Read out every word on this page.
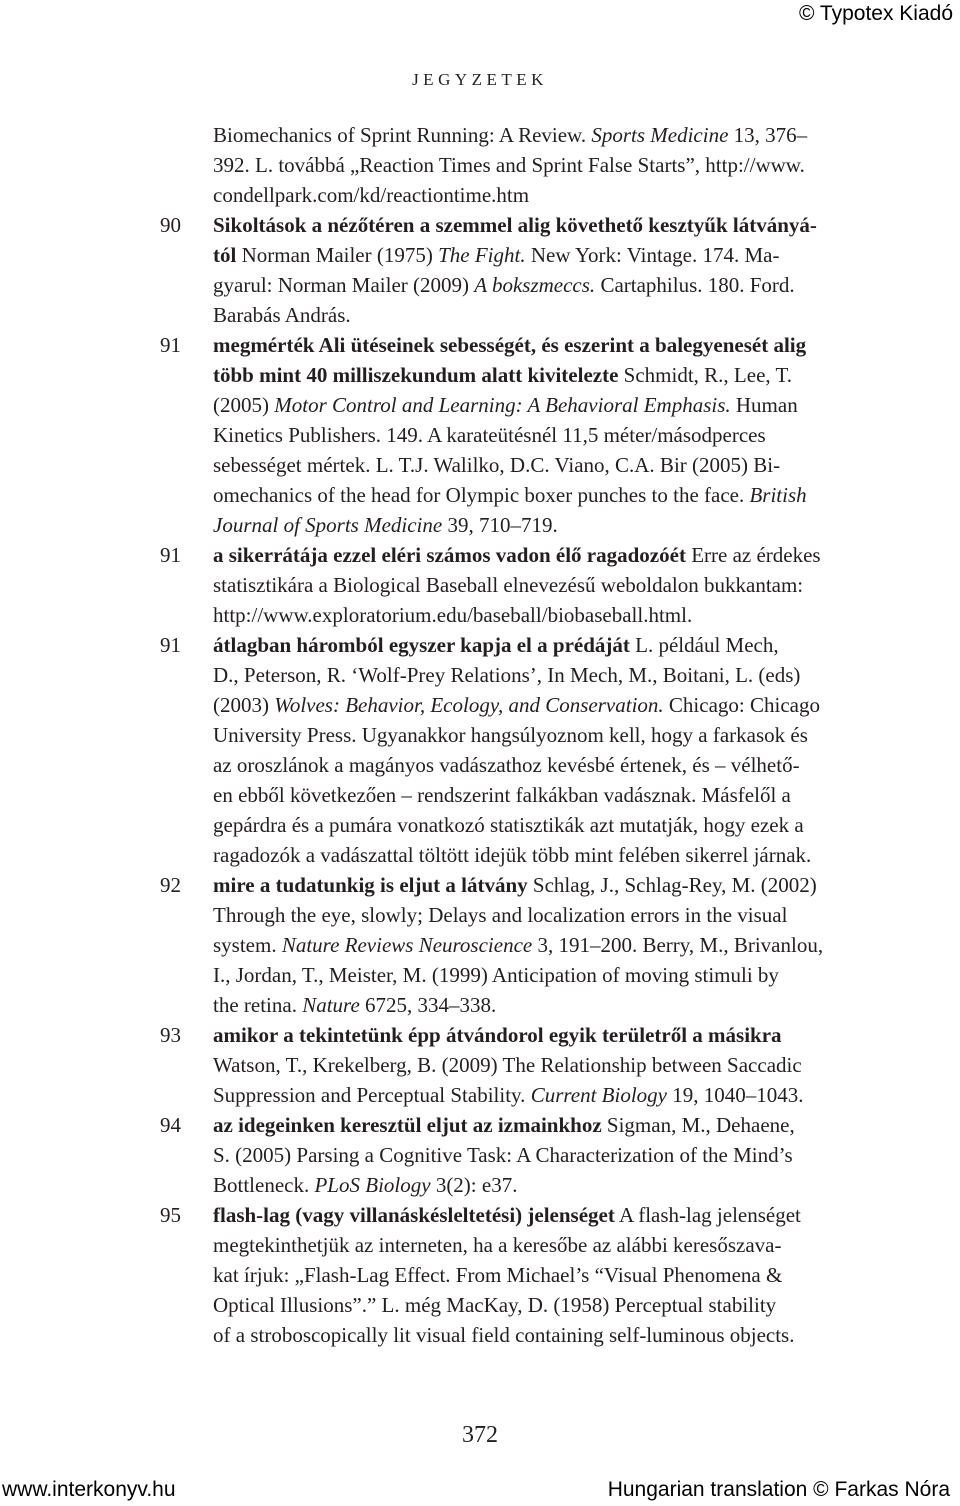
© Typotex Kiadó
JEGYZETEK
Biomechanics of Sprint Running: A Review. Sports Medicine 13, 376–
392. L. továbbá „Reaction Times and Sprint False Starts”, http://www.
condellpark.com/kd/reactiontime.htm
90 Sikoltások a nézőtéren a szemmel alig követhető kesztyűk látványá-
tól Norman Mailer (1975) The Fight. New York: Vintage. 174. Ma-
gyarul: Norman Mailer (2009) A bokszmeccs. Cartaphilus. 180. Ford.
Barabás András.
91 megmérték Ali ütéseinek sebességét, és eszerint a balegyenesét alig
több mint 40 milliszekundum alatt kivitelezte Schmidt, R., Lee, T.
(2005) Motor Control and Learning: A Behavioral Emphasis. Human
Kinetics Publishers. 149. A karateütésnél 11,5 méter/másodperces
sebességet mértek. L. T.J. Walilko, D.C. Viano, C.A. Bir (2005) Bi-
omechanics of the head for Olympic boxer punches to the face. British
Journal of Sports Medicine 39, 710–719.
91 a sikerrátája ezzel eléri számos vadon élő ragadozóét Erre az érdekes
statisztikára a Biological Baseball elnevezésű weboldalon bukkantam:
http://www.exploratorium.edu/baseball/biobaseball.html.
91 átlagban háromból egyszer kapja el a prédáját L. például Mech,
D., Peterson, R. ‘Wolf-Prey Relations’, In Mech, M., Boitani, L. (eds)
(2003) Wolves: Behavior, Ecology, and Conservation. Chicago: Chicago
University Press. Ugyanakkor hangsúlyoznom kell, hogy a farkasok és
az oroszlánok a magányos vadászathoz kevésbé értenek, és – vélhető-
en ebből következően – rendszerint falkákban vadásznak. Másfelől a
gepárdra és a pumára vonatkozó statisztikák azt mutatják, hogy ezek a
ragadozók a vadászattal töltött idejük több mint felében sikerrel járnak.
92 mire a tudatunkig is eljut a látvány Schlag, J., Schlag-Rey, M. (2002)
Through the eye, slowly; Delays and localization errors in the visual
system. Nature Reviews Neuroscience 3, 191–200. Berry, M., Brivanlou,
I., Jordan, T., Meister, M. (1999) Anticipation of moving stimuli by
the retina. Nature 6725, 334–338.
93 amikor a tekintetünk épp átvándorol egyik területről a másikra
Watson, T., Krekelberg, B. (2009) The Relationship between Saccadic
Suppression and Perceptual Stability. Current Biology 19, 1040–1043.
94 az idegeinken keresztül eljut az izmainkhoz Sigman, M., Dehaene,
S. (2005) Parsing a Cognitive Task: A Characterization of the Mind’s
Bottleneck. PLoS Biology 3(2): e37.
95 flash-lag (vagy villanáskésleltetési) jelenséget A flash-lag jelenséget
megtekinthetjük az interneten, ha a keresőbe az alábbi keresőszava-
kat írjuk: „Flash-Lag Effect. From Michael’s “Visual Phenomena &
Optical Illusions”.” L. még MacKay, D. (1958) Perceptual stability
of a stroboscopically lit visual field containing self-luminous objects.
372
www.interkonyv.hu	Hungarian translation © Farkas Nóra
